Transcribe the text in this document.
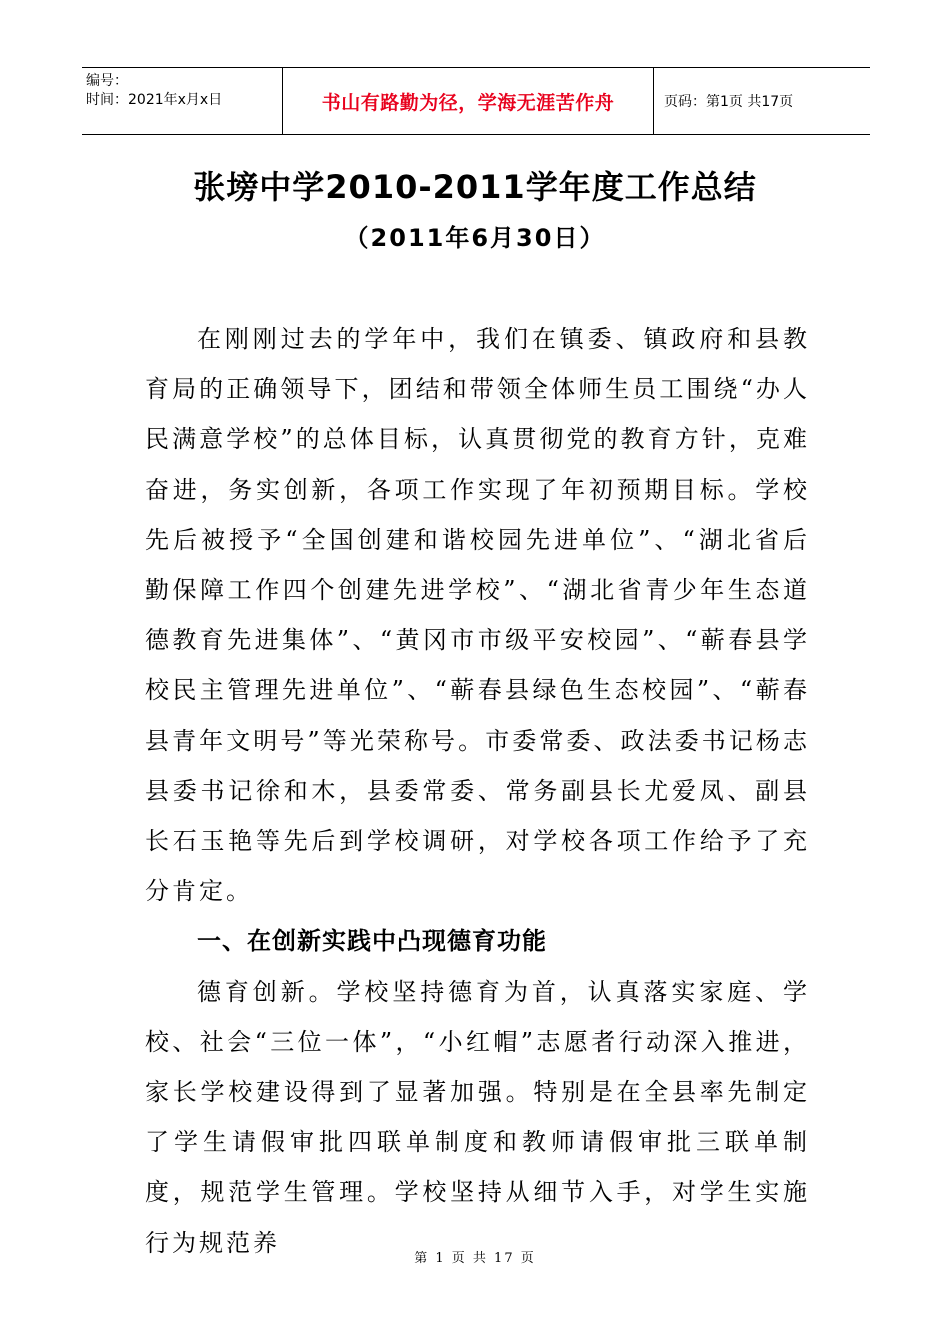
编号：
时间：2021年x月x日	书山有路勤为径，学海无涯苦作舟	页码：第1页 共17页
张塝中学2010-2011学年度工作总结
（2011年6月30日）

在刚刚过去的学年中，我们在镇委、镇政府和县教育局的正确领导下，团结和带领全体师生员工围绕“办人民满意学校”的总体目标，认真贯彻党的教育方针，克难奋进，务实创新，各项工作实现了年初预期目标。学校先后被授予“全国创建和谐校园先进单位”、“湖北省后勤保障工作四个创建先进学校”、“湖北省青少年生态道德教育先进集体”、“黄冈市市级平安校园”、“蕲春县学校民主管理先进单位”、“蕲春县绿色生态校园”、“蕲春县青年文明号”等光荣称号。市委常委、政法委书记杨志县委书记徐和木，县委常委、常务副县长尤爱凤、副县长石玉艳等先后到学校调研，对学校各项工作给予了充分肯定。

一、在创新实践中凸现德育功能

德育创新。学校坚持德育为首，认真落实家庭、学校、社会“三位一体”，“小红帽”志愿者行动深入推进，家长学校建设得到了显著加强。特别是在全县率先制定了学生请假审批四联单制度和教师请假审批三联单制度，规范学生管理。学校坚持从细节入手，对学生实施行为规范养

第 1 页 共 17 页
